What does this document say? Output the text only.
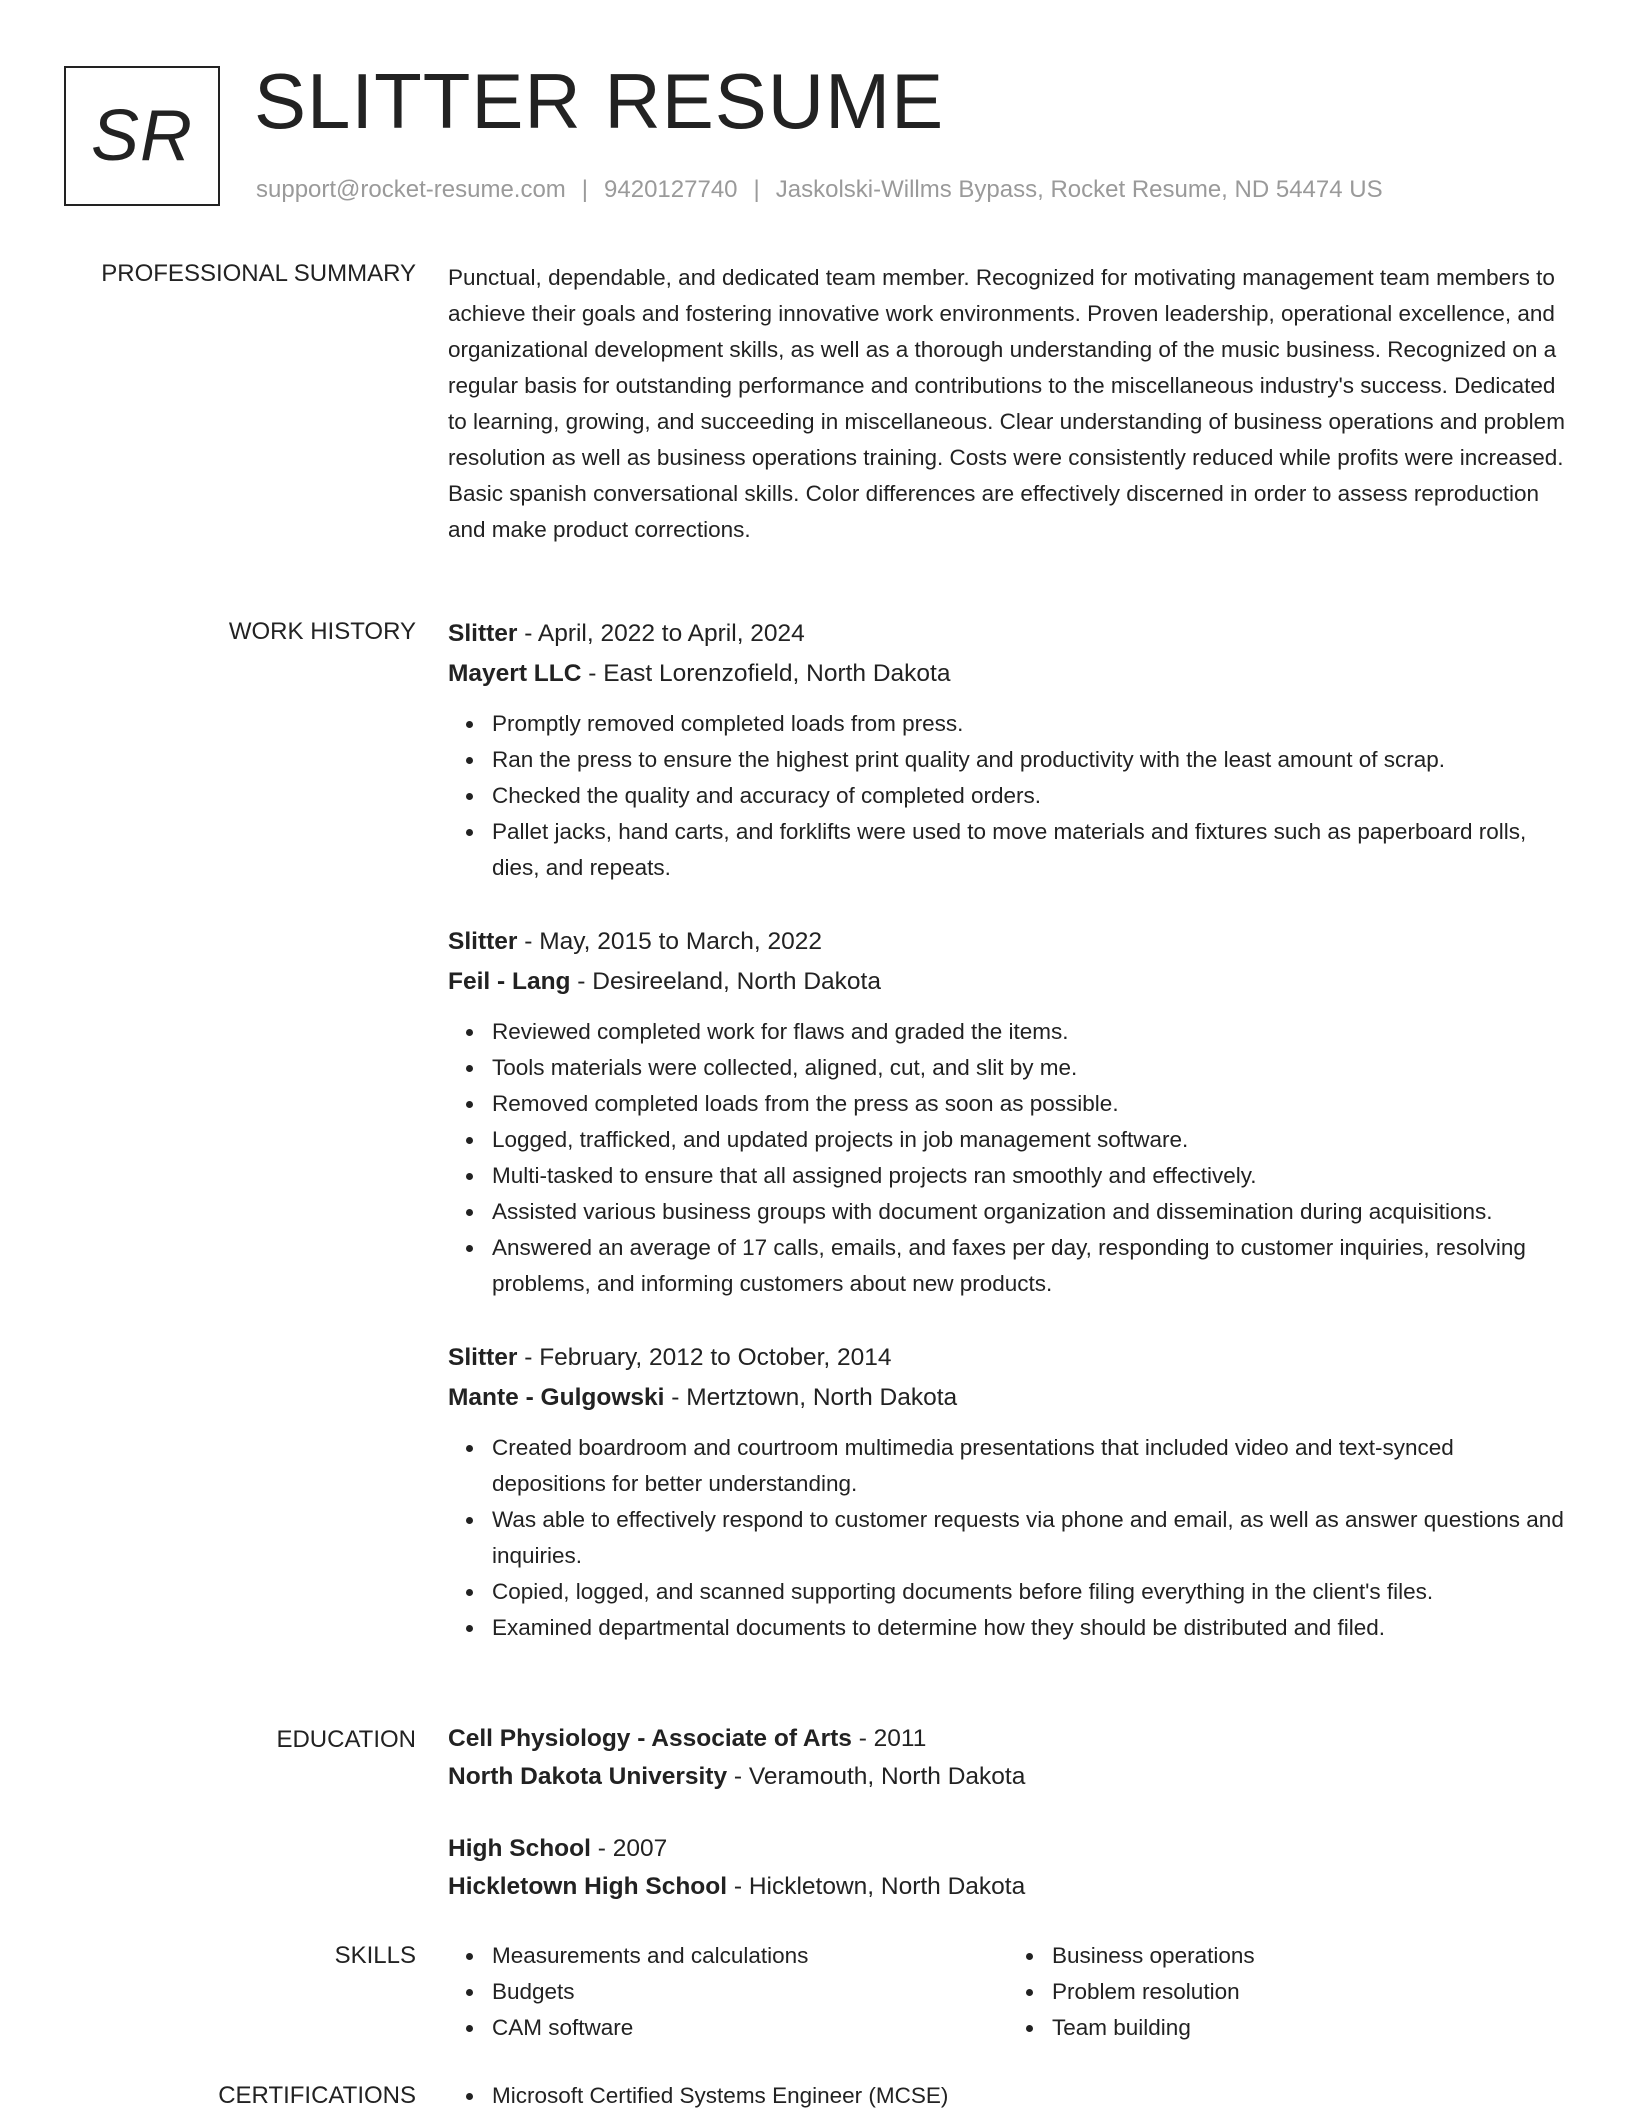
SR SLITTER RESUME
support@rocket-resume.com | 9420127740 | Jaskolski-Willms Bypass, Rocket Resume, ND 54474 US
PROFESSIONAL SUMMARY Punctual, dependable, and dedicated team member. Recognized for motivating management team members to achieve their goals and fostering innovative work environments. Proven leadership, operational excellence, and organizational development skills, as well as a thorough understanding of the music business. Recognized on a regular basis for outstanding performance and contributions to the miscellaneous industry's success. Dedicated to learning, growing, and succeeding in miscellaneous. Clear understanding of business operations and problem resolution as well as business operations training. Costs were consistently reduced while profits were increased. Basic spanish conversational skills. Color differences are effectively discerned in order to assess reproduction and make product corrections.

WORK HISTORY Slitter - April, 2022 to April, 2024
Mayert LLC - East Lorenzofield, North Dakota
Promptly removed completed loads from press.
Ran the press to ensure the highest print quality and productivity with the least amount of scrap.
Checked the quality and accuracy of completed orders.
Pallet jacks, hand carts, and forklifts were used to move materials and fixtures such as paperboard rolls, dies, and repeats.
Slitter - May, 2015 to March, 2022
Feil - Lang - Desireeland, North Dakota
Reviewed completed work for flaws and graded the items.
Tools materials were collected, aligned, cut, and slit by me.
Removed completed loads from the press as soon as possible.
Logged, trafficked, and updated projects in job management software.
Multi-tasked to ensure that all assigned projects ran smoothly and effectively.
Assisted various business groups with document organization and dissemination during acquisitions.
Answered an average of 17 calls, emails, and faxes per day, responding to customer inquiries, resolving problems, and informing customers about new products.
Slitter - February, 2012 to October, 2014
Mante - Gulgowski - Mertztown, North Dakota
Created boardroom and courtroom multimedia presentations that included video and text-synced depositions for better understanding.
Was able to effectively respond to customer requests via phone and email, as well as answer questions and inquiries.
Copied, logged, and scanned supporting documents before filing everything in the client's files.
Examined departmental documents to determine how they should be distributed and filed.
EDUCATION Cell Physiology - Associate of Arts - 2011
North Dakota University - Veramouth, North Dakota
High School - 2007
Hickletown High School - Hickletown, North Dakota
SKILLS	Measurements and calculations
Budgets
CAM software
Business operations
Problem resolution
Team building
CERTIFICATIONS	Microsoft Certified Systems Engineer (MCSE)
